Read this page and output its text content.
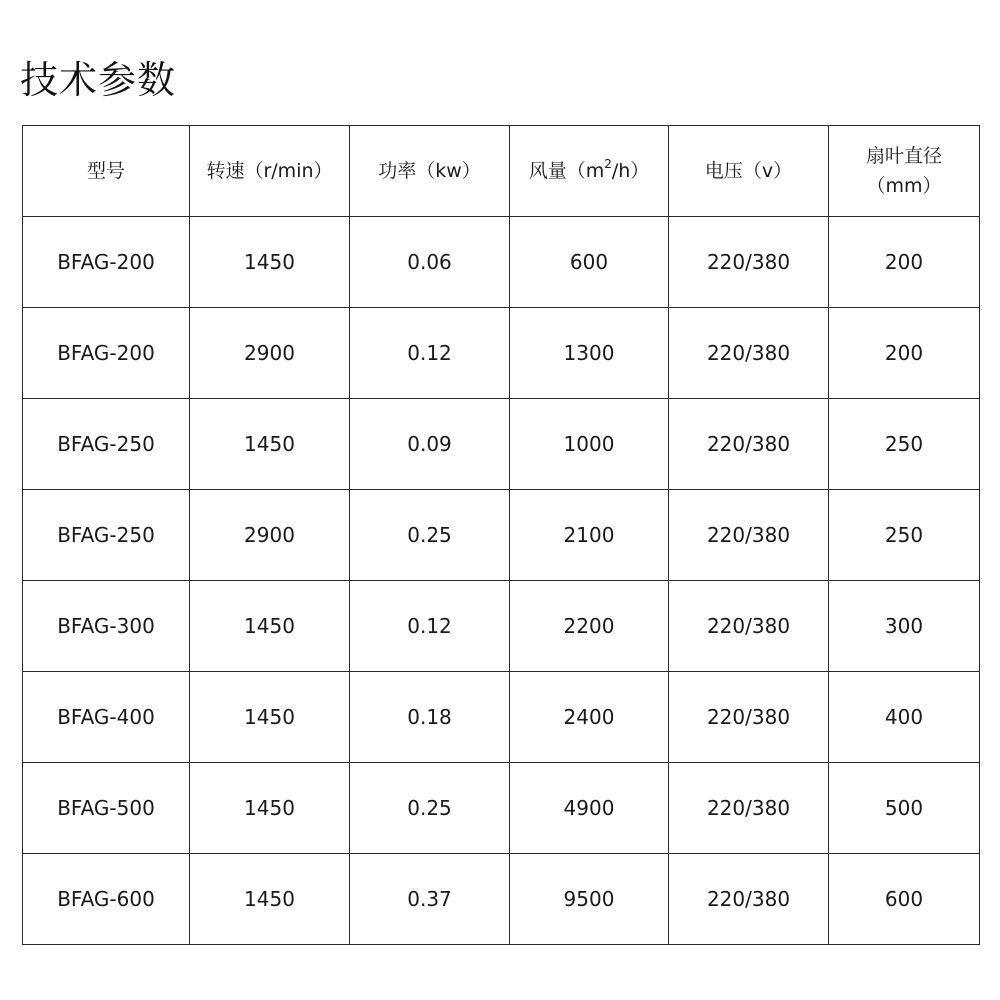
技术参数
型号	转速（r/min）	功率（kw）	风量$(m^2/h)$	电压（v）	扇叶直径
（mm）

BFAG-200	1450	0.06	600	220/380	200
BFAG-200	2900	0.12	1300	220/380	200
BFAG-250	1450	0.09	1000	220/380	250
BFAG-250	2900	0.25	2100	220/380	250
BFAG-300	1450	0.12	2200	220/380	300
BFAG-400	1450	0.18	2400	220/380	400
BFAG-500	1450	0.25	4900	220/380	500
BFAG-600	1450	0.37	9500	220/380	600
